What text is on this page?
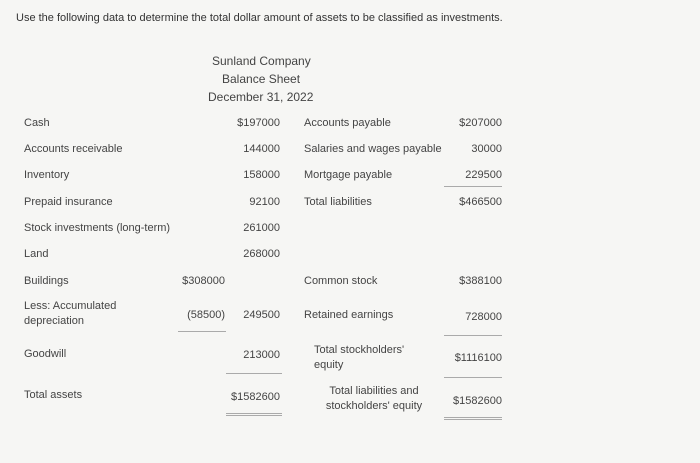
Use the following data to determine the total dollar amount of assets to be classified as investments.
Sunland Company
Balance Sheet
December 31, 2022
Cash
Accounts receivable
Inventory
Prepaid insurance
Stock investments (long-term)
Land
Buildings
Less: Accumulated depreciation
Goodwill
Total assets
$308000
(58500)
$197000
144000
158000
92100
261000
268000
249500
213000
$1582600
Accounts payable
Salaries and wages payable
Mortgage payable
Total liabilities
$207000
30000
229500
$466500
Common stock
Retained earnings
Total stockholders' equity
Total liabilities and stockholders' equity
$388100
728000
$1116100
$1582600
